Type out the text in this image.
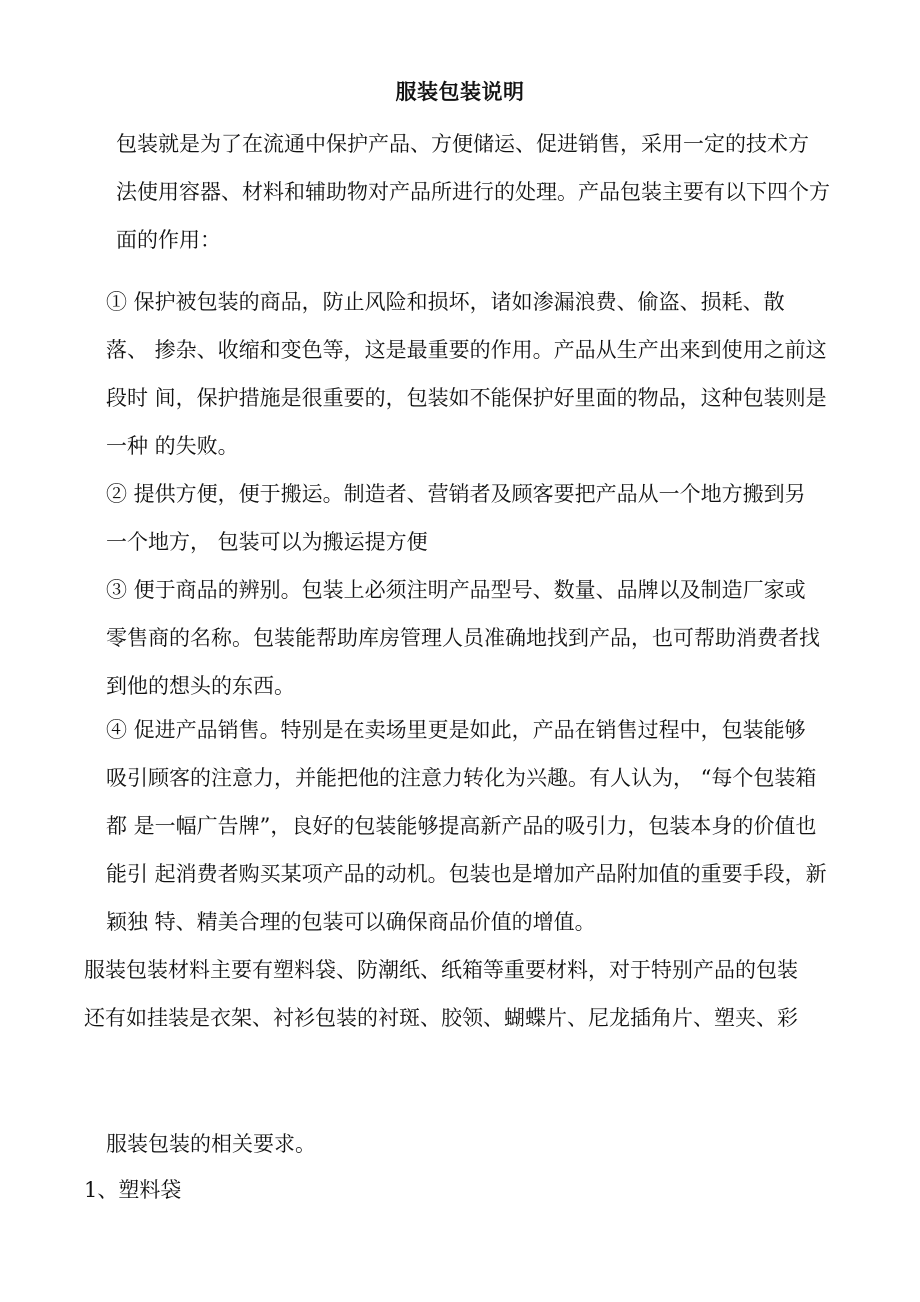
服装包装说明

包装就是为了在流通中保护产品、方便储运、促进销售，采用一定的技术方
法使用容器、材料和辅助物对产品所进行的处理。产品包装主要有以下四个方
面的作用：

① 保护被包装的商品，防止风险和损坏，诸如渗漏浪费、偷盗、损耗、散
落、 掺杂、收缩和变色等，这是最重要的作用。产品从生产出来到使用之前这
段时 间，保护措施是很重要的，包装如不能保护好里面的物品，这种包装则是
一种 的失败。

② 提供方便，便于搬运。制造者、营销者及顾客要把产品从一个地方搬到另
一个地方， 包装可以为搬运提方便

③ 便于商品的辨别。包装上必须注明产品型号、数量、品牌以及制造厂家或
零售商的名称。包装能帮助库房管理人员准确地找到产品，也可帮助消费者找
到他的想头的东西。

④ 促进产品销售。特别是在卖场里更是如此，产品在销售过程中，包装能够
吸引顾客的注意力，并能把他的注意力转化为兴趣。有人认为， “每个包装箱
都 是一幅广告牌”，良好的包装能够提高新产品的吸引力，包装本身的价值也
能引 起消费者购买某项产品的动机。包装也是增加产品附加值的重要手段，新
颖独 特、精美合理的包装可以确保商品价值的增值。

服装包装材料主要有塑料袋、防潮纸、纸箱等重要材料，对于特别产品的包装
还有如挂装是衣架、衬衫包装的衬斑、胶领、蝴蝶片、尼龙插角片、塑夹、彩

服装包装的相关要求。

1、塑料袋
